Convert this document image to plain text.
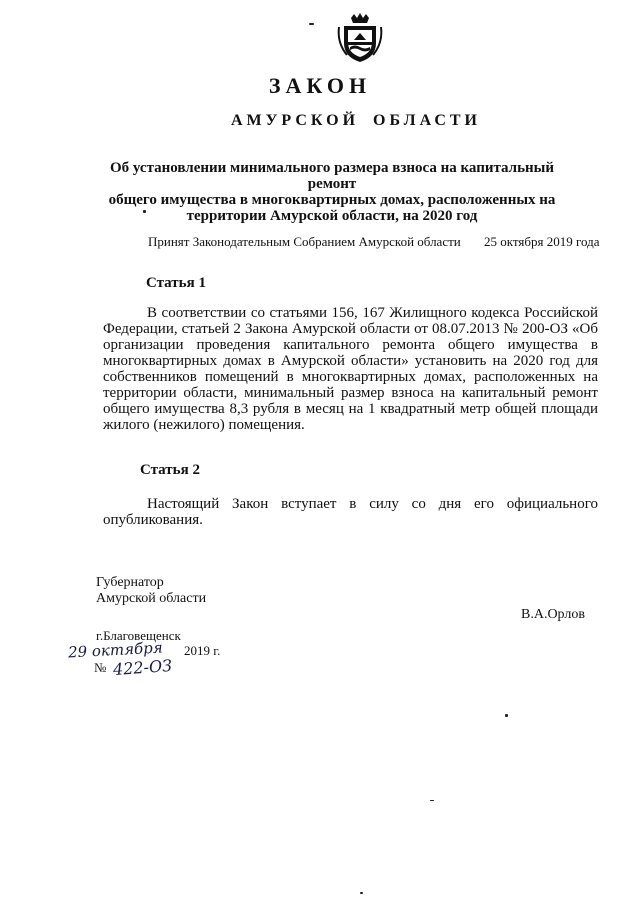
ЗАКОН
АМУРСКОЙ ОБЛАСТИ
Об установлении минимального размера взноса на капитальный ремонт
общего имущества в многоквартирных домах, расположенных на
территории Амурской области, на 2020 год
Принят Законодательным Собранием Амурской области 25 октября 2019 года
Статья 1
В соответствии со статьями 156, 167 Жилищного кодекса Российской
Федерации, статьей 2 Закона Амурской области от 08.07.2013 № 200-ОЗ «Об
организации проведения капитального ремонта общего имущества в
многоквартирных домах в Амурской области» установить на 2020 год для
собственников помещений в многоквартирных домах, расположенных на
территории области, минимальный размер взноса на капитальный ремонт
общего имущества 8,3 рубля в месяц на 1 квадратный метр общей площади
жилого (нежилого) помещения.
Статья 2
Настоящий Закон вступает в силу со дня его официального
опубликования.
Губернатор
Амурской области
В.А.Орлов
г.Благовещенск
29 октября 2019 г.
№ 422-ОЗ
